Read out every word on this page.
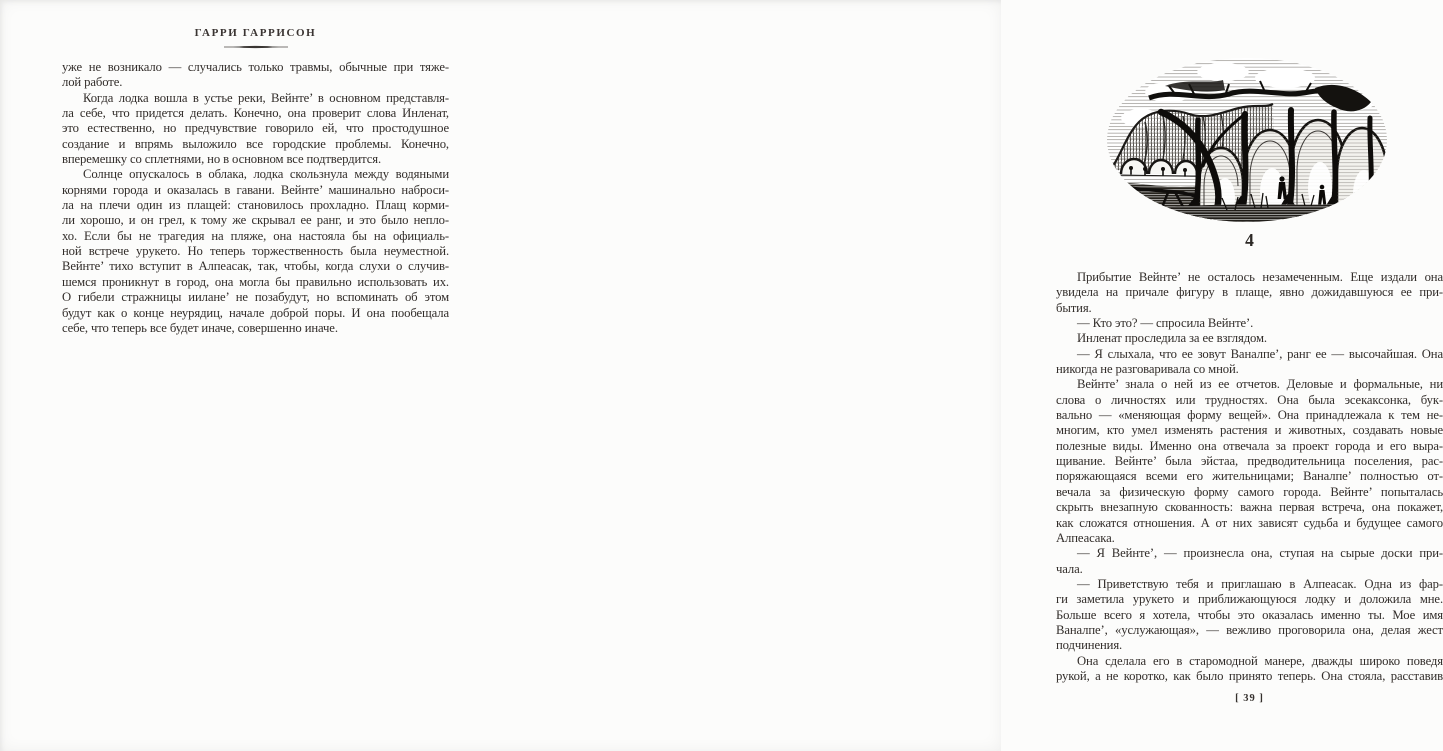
ГАРРИ ГАРРИСОН
уже не возникало — случались только травмы, обычные при тяже-
лой работе.
Когда лодка вошла в устье реки, Вейнте’ в основном представля-
ла себе, что придется делать. Конечно, она проверит слова Инленат,
это естественно, но предчувствие говорило ей, что простодушное
создание и впрямь выложило все городские проблемы. Конечно,
вперемешку со сплетнями, но в основном все подтвердится.
Солнце опускалось в облака, лодка скользнула между водяными
корнями города и оказалась в гавани. Вейнте’ машинально наброси-
ла на плечи один из плащей: становилось прохладно. Плащ корми-
ли хорошо, и он грел, к тому же скрывал ее ранг, и это было непло-
хо. Если бы не трагедия на пляже, она настояла бы на официаль-
ной встрече урукето. Но теперь торжественность была неуместной.
Вейнте’ тихо вступит в Алпеасак, так, чтобы, когда слухи о случив-
шемся проникнут в город, она могла бы правильно использовать их.
О гибели стражницы иилане’ не позабудут, но вспоминать об этом
будут как о конце неурядиц, начале доброй поры. И она пообещала
себе, что теперь все будет иначе, совершенно иначе.
4
Прибытие Вейнте’ не осталось незамеченным. Еще издали она
увидела на причале фигуру в плаще, явно дожидавшуюся ее при-
бытия.
— Кто это? — спросила Вейнте’.
Инленат проследила за ее взглядом.
— Я слыхала, что ее зовут Ваналпе’, ранг ее — высочайшая. Она
никогда не разговаривала со мной.
Вейнте’ знала о ней из ее отчетов. Деловые и формальные, ни
слова о личностях или трудностях. Она была эсекаксонка, бук-
вально — «меняющая форму вещей». Она принадлежала к тем не-
многим, кто умел изменять растения и животных, создавать новые
полезные виды. Именно она отвечала за проект города и его выра-
щивание. Вейнте’ была эйстаа, предводительница поселения, рас-
поряжающаяся всеми его жительницами; Ваналпе’ полностью от-
вечала за физическую форму самого города. Вейнте’ попыталась
скрыть внезапную скованность: важна первая встреча, она покажет,
как сложатся отношения. А от них зависят судьба и будущее самого
Алпеасака.
— Я Вейнте’, — произнесла она, ступая на сырые доски при-
чала.
— Приветствую тебя и приглашаю в Алпеасак. Одна из фар-
ги заметила урукето и приближающуюся лодку и доложила мне.
Больше всего я хотела, чтобы это оказалась именно ты. Мое имя
Ваналпе’, «услужающая», — вежливо проговорила она, делая жест
подчинения.
Она сделала его в старомодной манере, дважды широко поведя
рукой, а не коротко, как было принято теперь. Она стояла, расставив
[ 39 ]
